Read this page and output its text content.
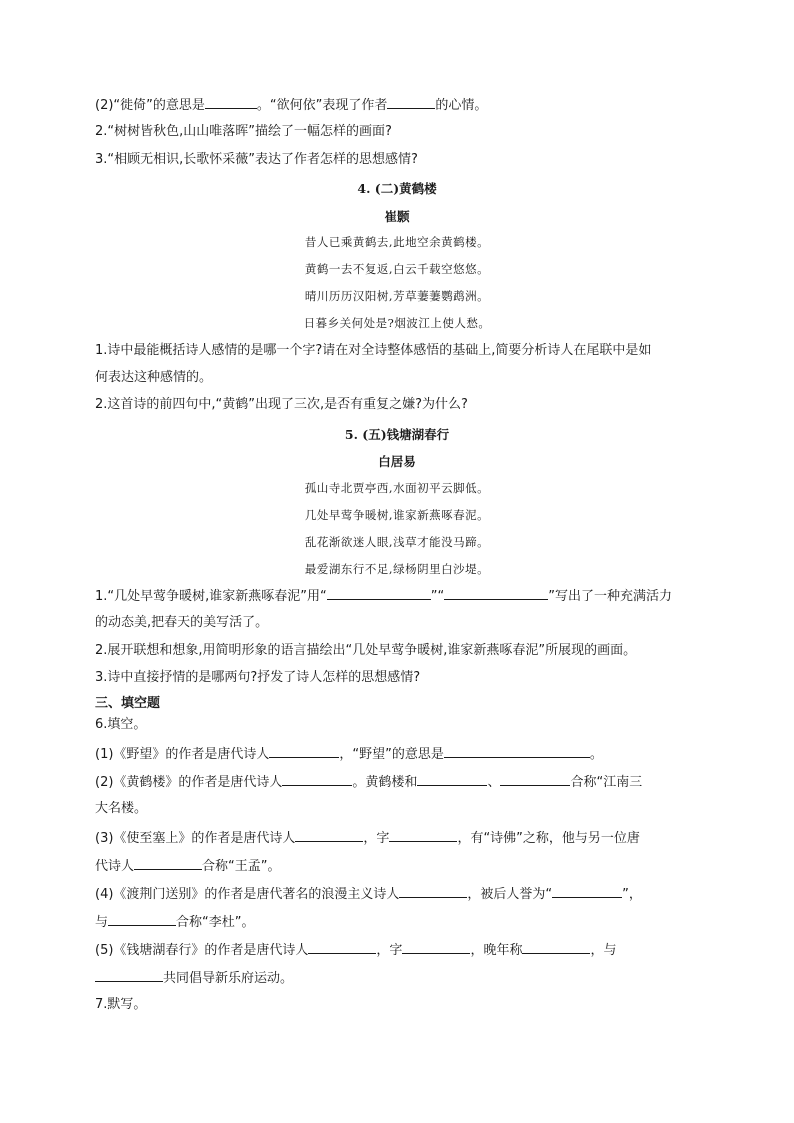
(2)“徙倚”的意思是	。“欲何依”表现了作者	的心情。
2.“树树皆秋色,山山唯落晖”描绘了一幅怎样的画面?
3.“相顾无相识,长歌怀采薇”表达了作者怎样的思想感情?
4. (二)黄鹤楼
崔颢
昔人已乘黄鹤去,此地空余黄鹤楼。
黄鹤一去不复返,白云千载空悠悠。
晴川历历汉阳树,芳草萋萋鹦鹉洲。
日暮乡关何处是?烟波江上使人愁。
1.诗中最能概括诗人感情的是哪一个字?请在对全诗整体感悟的基础上,简要分析诗人在尾联中是如
何表达这种感情的。
2.这首诗的前四句中,“黄鹤”出现了三次,是否有重复之嫌?为什么?
5. (五)钱塘湖春行
白居易
孤山寺北贾亭西,水面初平云脚低。
几处早莺争暖树,谁家新燕啄春泥。
乱花渐欲迷人眼,浅草才能没马蹄。
最爱湖东行不足,绿杨阴里白沙堤。
1.“几处早莺争暖树,谁家新燕啄春泥”用“	”“	”写出了一种充满活力
的动态美,把春天的美写活了。
2.展开联想和想象,用简明形象的语言描绘出“几处早莺争暖树,谁家新燕啄春泥”所展现的画面。
3.诗中直接抒情的是哪两句?抒发了诗人怎样的思想感情?
三、填空题
6.填空。
(1)《野望》的作者是唐代诗人	，“野望”的意思是	。
(2)《黄鹤楼》的作者是唐代诗人	。黄鹤楼和	、	合称“江南三
大名楼。
(3)《使至塞上》的作者是唐代诗人	，字	，有“诗佛”之称，他与另一位唐
代诗人	合称“王孟”。
(4)《渡荆门送别》的作者是唐代著名的浪漫主义诗人	，被后人誉为“	”，
与	合称“李杜”。
(5)《钱塘湖春行》的作者是唐代诗人	，字	，晚年称	，与
共同倡导新乐府运动。
7.默写。
